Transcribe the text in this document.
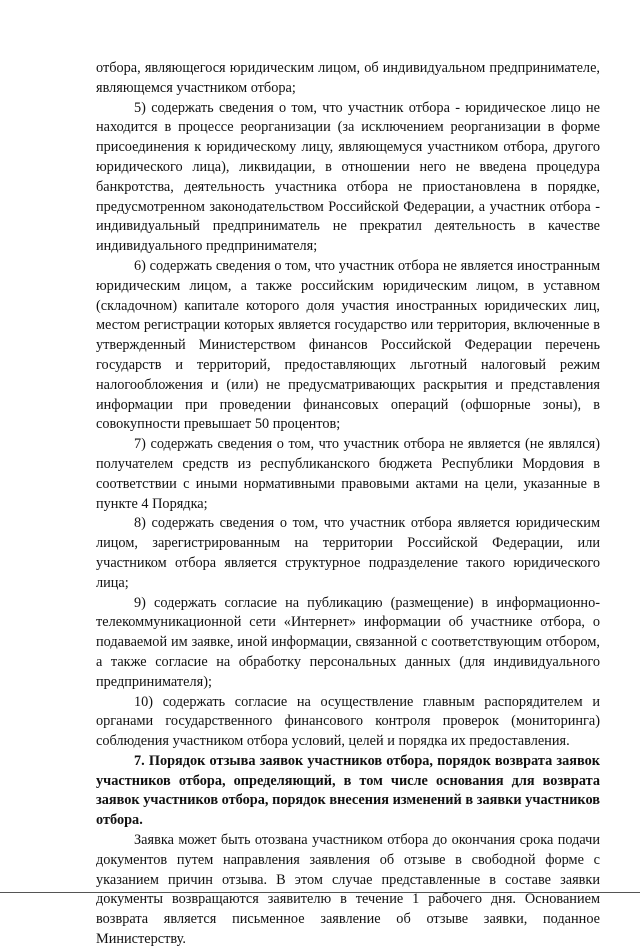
отбора, являющегося юридическим лицом, об индивидуальном предпринимателе, являющемся участником отбора;

5) содержать сведения о том, что участник отбора - юридическое лицо не находится в процессе реорганизации (за исключением реорганизации в форме присоединения к юридическому лицу, являющемуся участником отбора, другого юридического лица), ликвидации, в отношении него не введена процедура банкротства, деятельность участника отбора не приостановлена в порядке, предусмотренном законодательством Российской Федерации, а участник отбора - индивидуальный предприниматель не прекратил деятельность в качестве индивидуального предпринимателя;

6) содержать сведения о том, что участник отбора не является иностранным юридическим лицом, а также российским юридическим лицом, в уставном (складочном) капитале которого доля участия иностранных юридических лиц, местом регистрации которых является государство или территория, включенные в утвержденный Министерством финансов Российской Федерации перечень государств и территорий, предоставляющих льготный налоговый режим налогообложения и (или) не предусматривающих раскрытия и представления информации при проведении финансовых операций (офшорные зоны), в совокупности превышает 50 процентов;

7) содержать сведения о том, что участник отбора не является (не являлся) получателем средств из республиканского бюджета Республики Мордовия в соответствии с иными нормативными правовыми актами на цели, указанные в пункте 4 Порядка;

8) содержать сведения о том, что участник отбора является юридическим лицом, зарегистрированным на территории Российской Федерации, или участником отбора является структурное подразделение такого юридического лица;

9) содержать согласие на публикацию (размещение) в информационно-телекоммуникационной сети «Интернет» информации об участнике отбора, о подаваемой им заявке, иной информации, связанной с соответствующим отбором, а также согласие на обработку персональных данных (для индивидуального предпринимателя);

10) содержать согласие на осуществление главным распорядителем и органами государственного финансового контроля проверок (мониторинга) соблюдения участником отбора условий, целей и порядка их предоставления.

7. Порядок отзыва заявок участников отбора, порядок возврата заявок участников отбора, определяющий, в том числе основания для возврата заявок участников отбора, порядок внесения изменений в заявки участников отбора.

Заявка может быть отозвана участником отбора до окончания срока подачи документов путем направления заявления об отзыве в свободной форме с указанием причин отзыва. В этом случае представленные в составе заявки документы возвращаются заявителю в течение 1 рабочего дня. Основанием возврата является письменное заявление об отзыве заявки, поданное Министерству.
